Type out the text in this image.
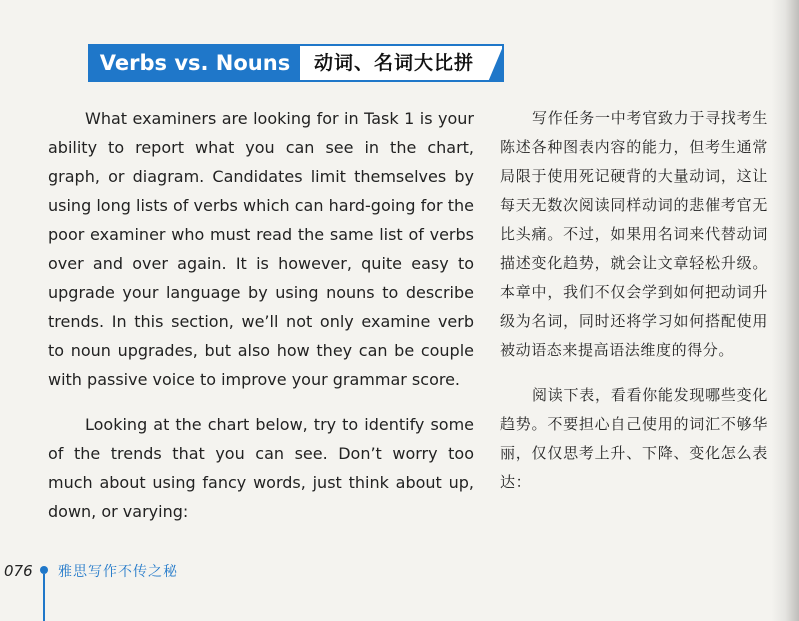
Verbs vs. Nouns	动词、名词大比拼

What examiners are looking for in Task 1 is your ability to report what you can see in the chart, graph, or diagram. Candidates limit themselves by using long lists of verbs which can hard-going for the poor examiner who must read the same list of verbs over and over again. It is however, quite easy to upgrade your language by using nouns to describe trends. In this section, we’ll not only examine verb to noun upgrades, but also how they can be couple with passive voice to improve your grammar score.

Looking at the chart below, try to identify some of the trends that you can see. Don’t worry too much about using fancy words, just think about up, down, or varying:

写作任务一中考官致力于寻找考生陈述各种图表内容的能力，但考生通常局限于使用死记硬背的大量动词，这让每天无数次阅读同样动词的悲催考官无比头痛。不过，如果用名词来代替动词描述变化趋势，就会让文章轻松升级。本章中，我们不仅会学到如何把动词升级为名词，同时还将学习如何搭配使用被动语态来提高语法维度的得分。

阅读下表，看看你能发现哪些变化趋势。不要担心自己使用的词汇不够华丽，仅仅思考上升、下降、变化怎么表达：

076 雅思写作不传之秘
